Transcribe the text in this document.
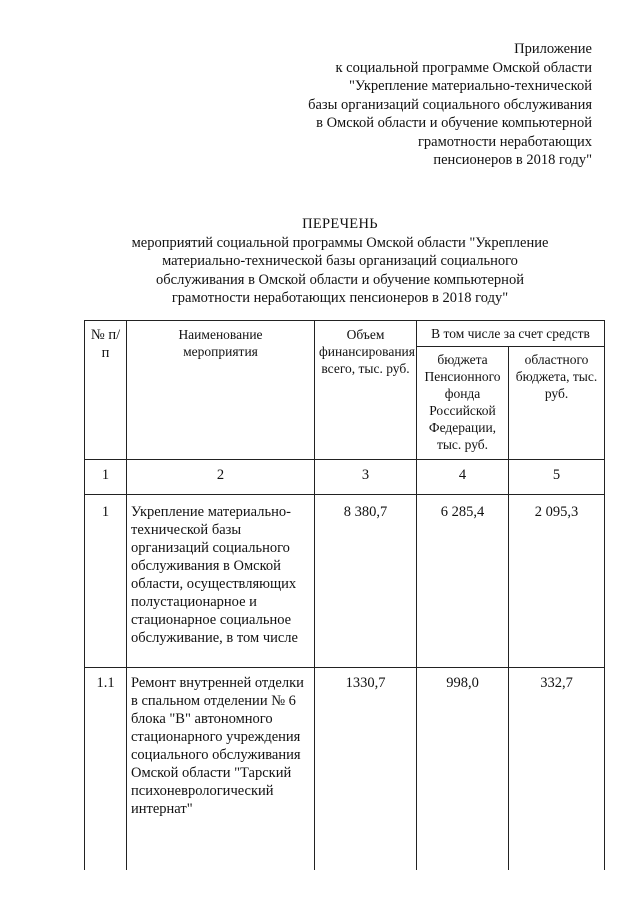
Приложение
к социальной программе Омской области
"Укрепление материально-технической
базы организаций социального обслуживания
в Омской области и обучение компьютерной
грамотности неработающих
пенсионеров в 2018 году"
ПЕРЕЧЕНЬ
мероприятий социальной программы Омской области "Укрепление
материально-технической базы организаций социального
обслуживания в Омской области и обучение компьютерной
грамотности неработающих пенсионеров в 2018 году"
№ п/п	Наименование мероприятия	Объем финансирования всего, тыс. руб.	В том числе за счет средств	
			бюджета Пенсионного фонда Российской Федерации, тыс. руб.	областного бюджета, тыс. руб.
1	2	3	4	5
1	Укрепление материально-технической базы организаций социального обслуживания в Омской области, осуществляющих полустационарное и стационарное социальное обслуживание, в том числе	8 380,7	6 285,4	2 095,3
1.1	Ремонт внутренней отделки в спальном отделении № 6 блока "В" автономного стационарного учреждения социального обслуживания Омской области "Тарский психоневрологический интернат"	1330,7	998,0	332,7
